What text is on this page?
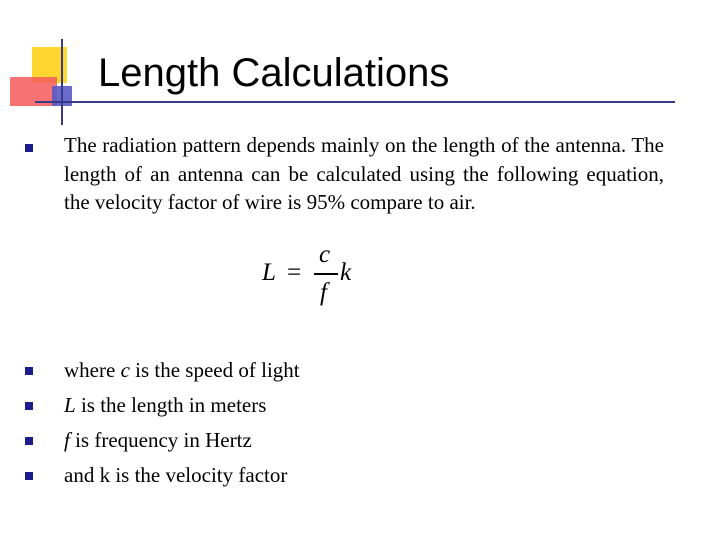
Length Calculations
The radiation pattern depends mainly on the length of the antenna. The length of an antenna can be calculated using the following equation, the velocity factor of wire is 95% compare to air.
L =
c
f
k
where c is the speed of light
L is the length in meters
f is frequency in Hertz
and k is the velocity factor
